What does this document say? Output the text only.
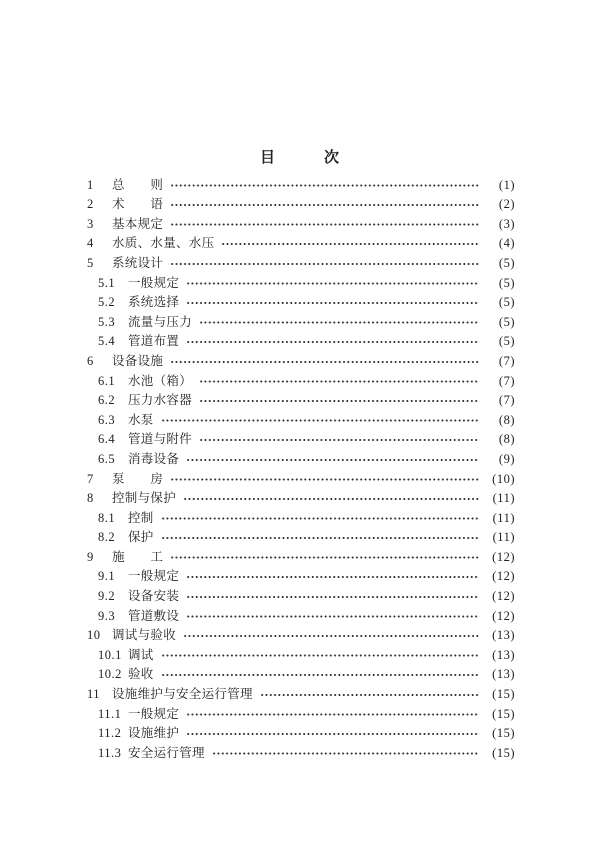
目　　　次
1	总　　则	(1)
2	术　　语	(2)
3	基本规定	(3)
4	水质、水量、水压	(4)
5	系统设计	(5)
5.1	一般规定	(5)
5.2	系统选择	(5)
5.3	流量与压力	(5)
5.4	管道布置	(5)
6	设备设施	(7)
6.1	水池（箱）	(7)
6.2	压力水容器	(7)
6.3	水泵	(8)
6.4	管道与附件	(8)
6.5	消毒设备	(9)
7	泵　　房	(10)
8	控制与保护	(11)
8.1	控制	(11)
8.2	保护	(11)
9	施　　工	(12)
9.1	一般规定	(12)
9.2	设备安装	(12)
9.3	管道敷设	(12)
10 调试与验收	(13)
10.1 调试	(13)
10.2 验收	(13)
11 设施维护与安全运行管理	(15)
11.1 一般规定	(15)
11.2 设施维护	(15)
11.3 安全运行管理	(15)
